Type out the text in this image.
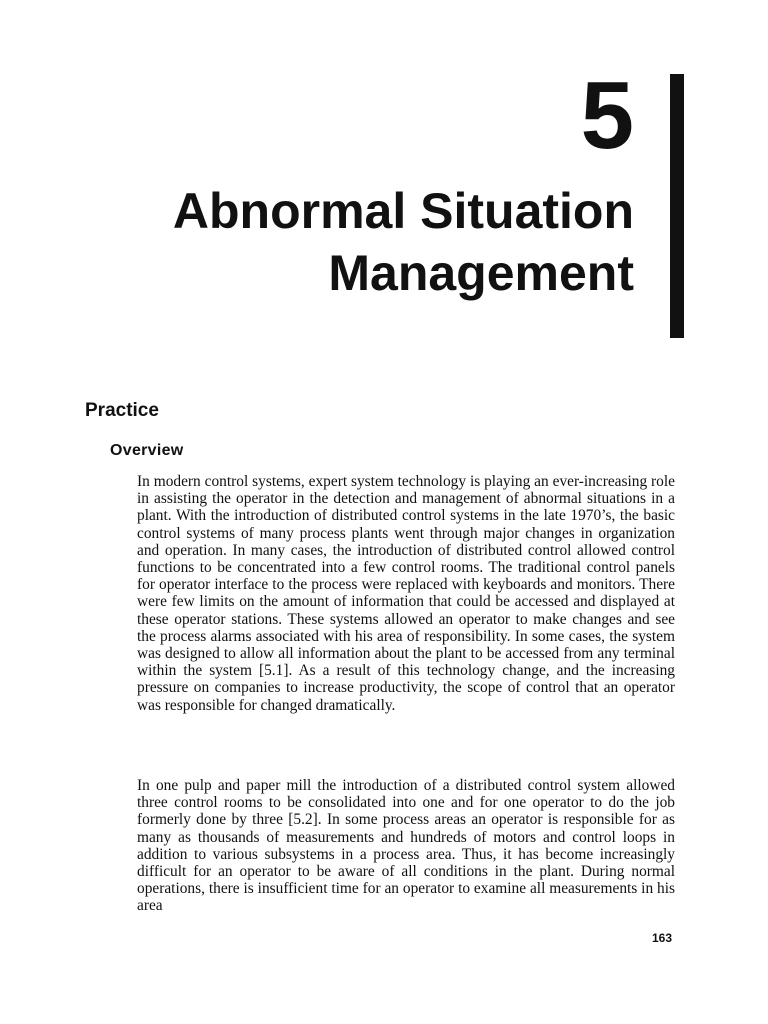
5
Abnormal Situation
Management
Practice
Overview

In modern control systems, expert system technology is playing an ever-increasing role in assisting the operator in the detection and management of abnormal situations in a plant. With the introduction of distributed control systems in the late 1970’s, the basic control systems of many process plants went through major changes in organization and operation. In many cases, the introduction of distributed control allowed control functions to be concentrated into a few control rooms. The traditional control panels for operator interface to the process were replaced with keyboards and monitors. There were few limits on the amount of information that could be accessed and displayed at these operator stations. These systems allowed an operator to make changes and see the process alarms associated with his area of responsibility. In some cases, the system was designed to allow all information about the plant to be accessed from any terminal within the system [5.1]. As a result of this technology change, and the increasing pressure on companies to increase productivity, the scope of control that an operator was responsible for changed dramatically.

In one pulp and paper mill the introduction of a distributed control system allowed three control rooms to be consolidated into one and for one operator to do the job formerly done by three [5.2]. In some process areas an operator is responsible for as many as thousands of measurements and hundreds of motors and control loops in addition to various subsystems in a process area. Thus, it has become increasingly difficult for an operator to be aware of all conditions in the plant. During normal operations, there is insufficient time for an operator to examine all measurements in his area

163
